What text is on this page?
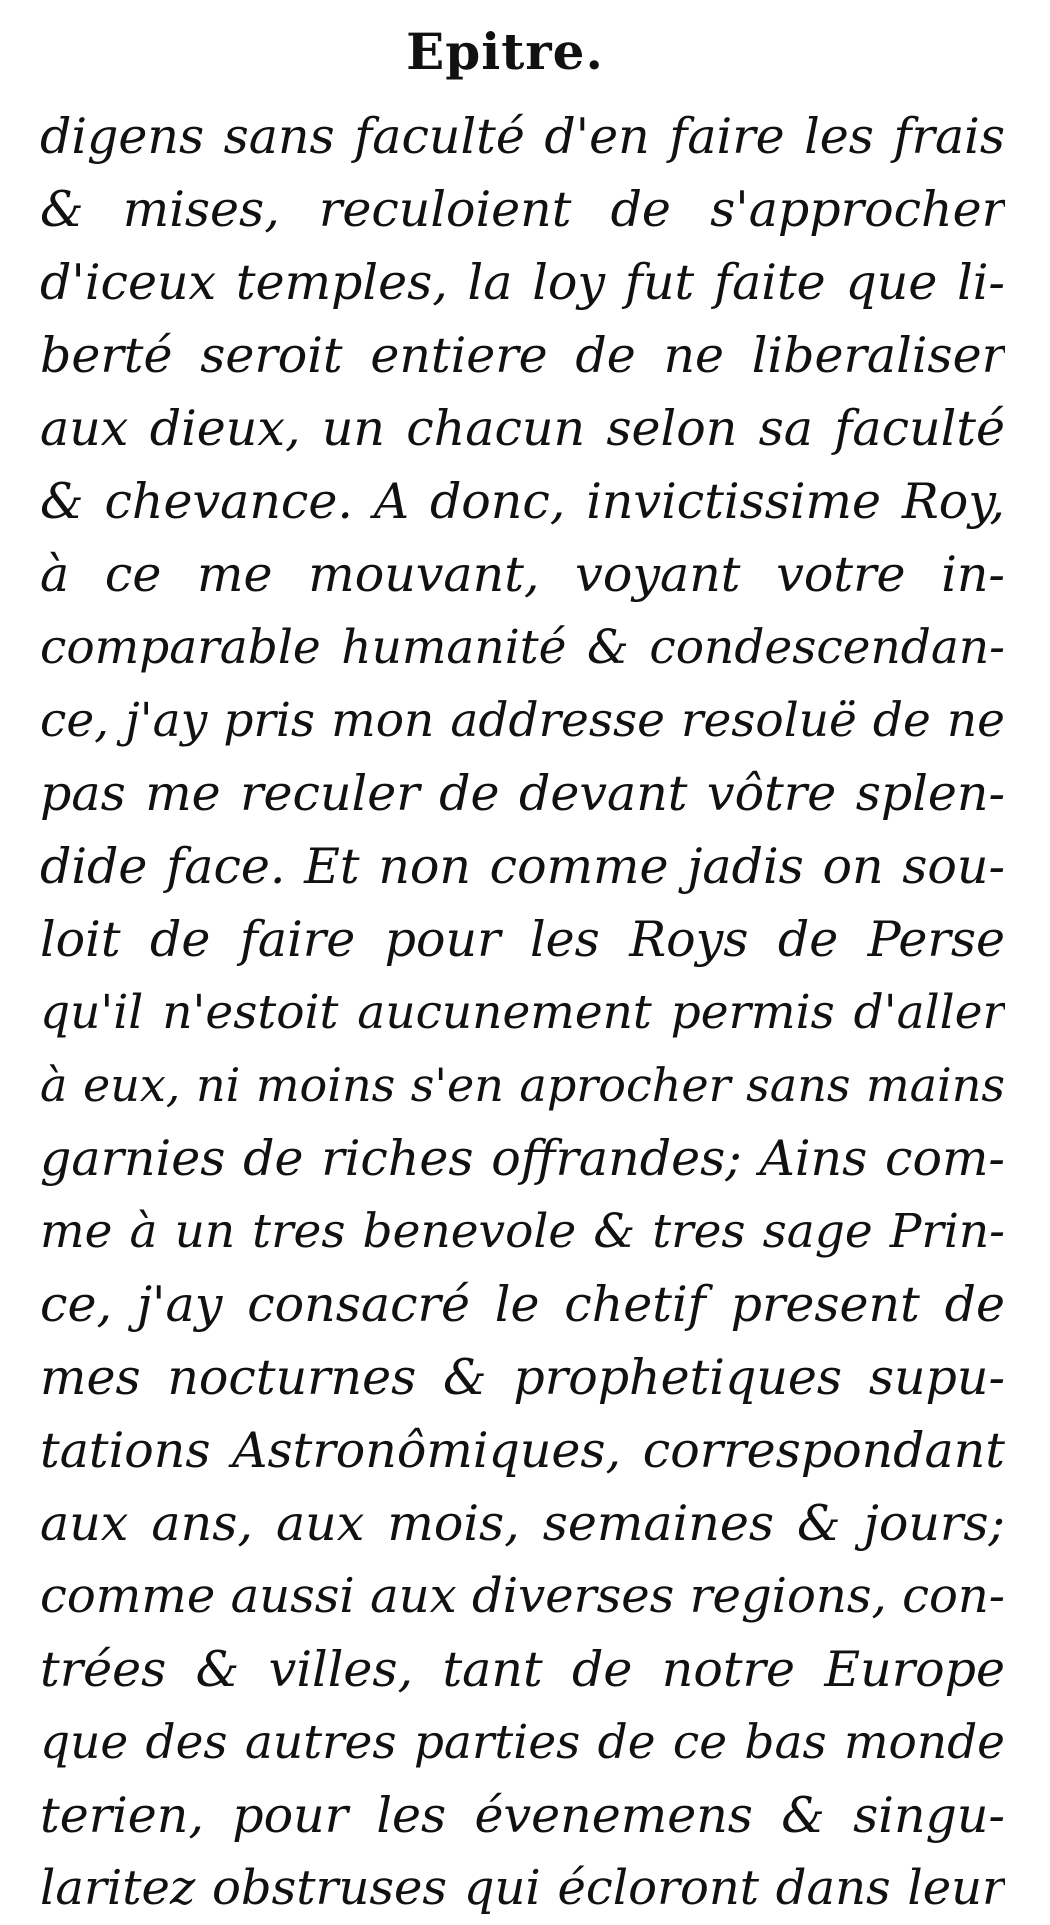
Epitre.
digens sans faculté d'en faire les frais
& mises, reculoient de s'approcher
d'iceux temples, la loy fut faite que li-
berté seroit entiere de ne liberaliser
aux dieux, un chacun selon sa faculté
& chevance. A donc, invictissime Roy,
à ce me mouvant, voyant votre in-
comparable humanité & condescendan-
ce, j'ay pris mon addresse resoluë de ne
pas me reculer de devant vôtre splen-
dide face. Et non comme jadis on sou-
loit de faire pour les Roys de Perse
qu'il n'estoit aucunement permis d'aller
à eux, ni moins s'en aprocher sans mains
garnies de riches offrandes; Ains com-
me à un tres benevole & tres sage Prin-
ce, j'ay consacré le chetif present de
mes nocturnes & prophetiques supu-
tations Astronômiques, correspondant
aux ans, aux mois, semaines & jours;
comme aussi aux diverses regions, con-
trées & villes, tant de notre Europe
que des autres parties de ce bas monde
terien, pour les évenemens & singu-
laritez obstruses qui écloront dans leur
